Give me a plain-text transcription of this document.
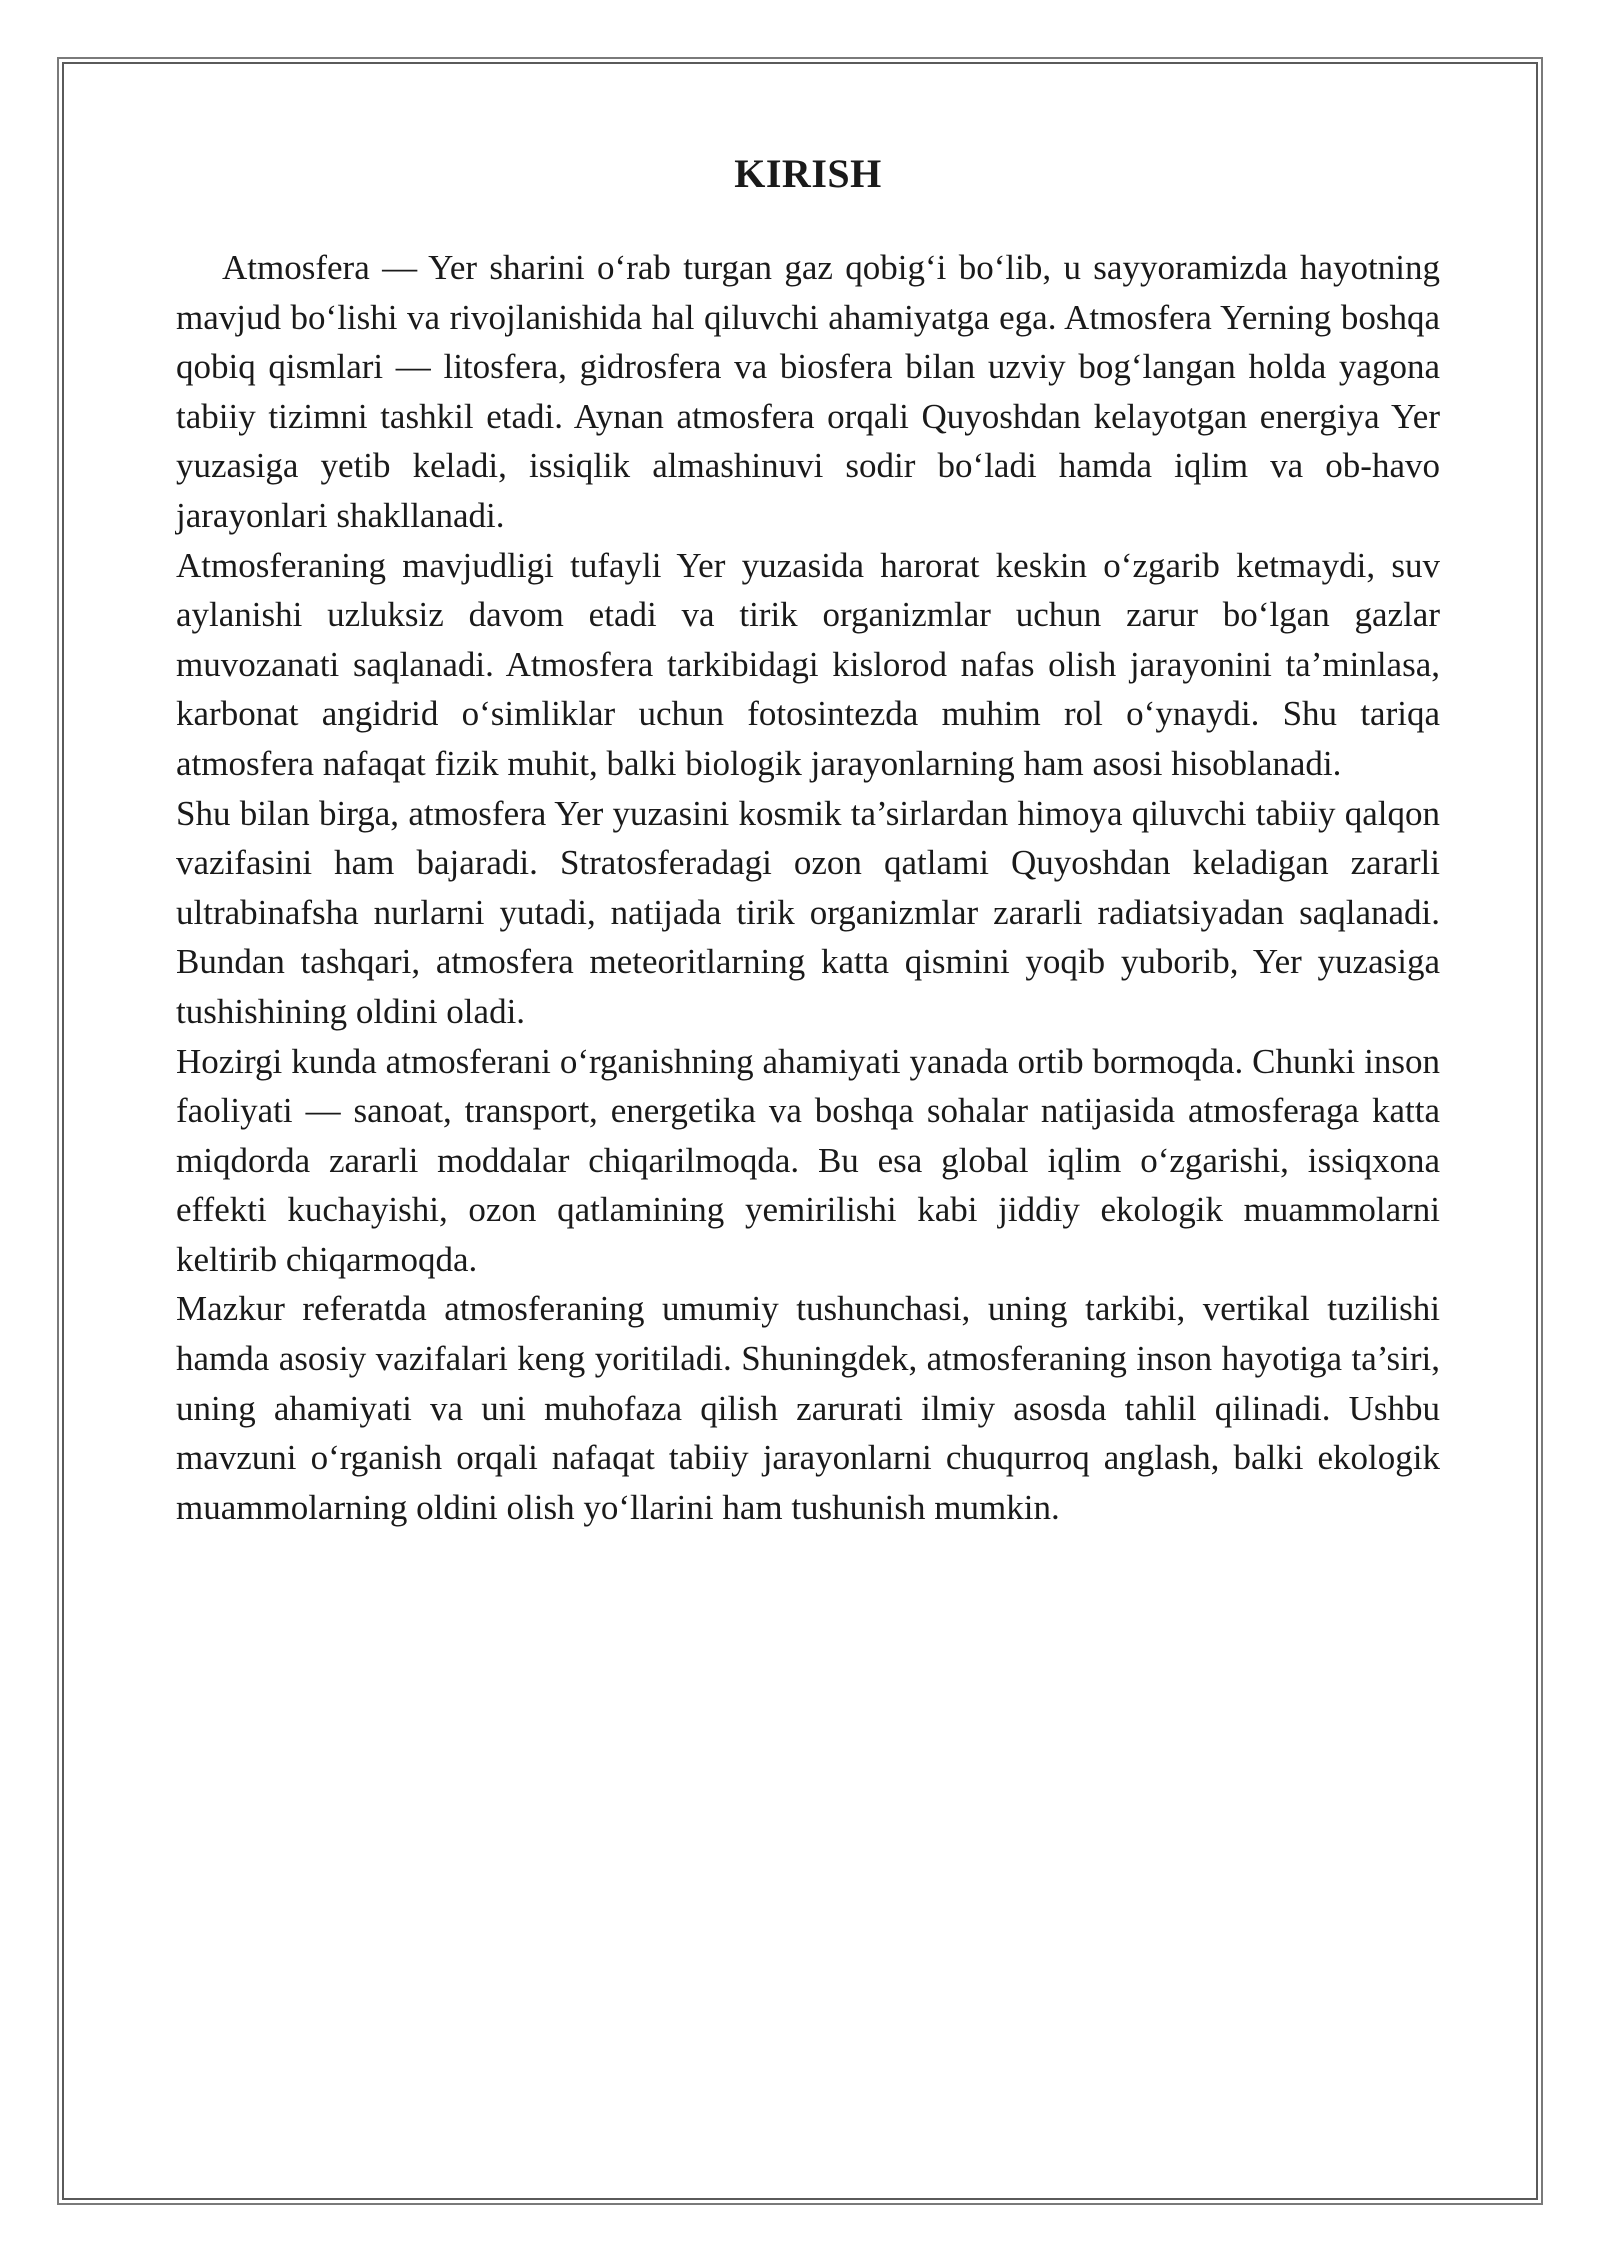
KIRISH

Atmosfera — Yer sharini o‘rab turgan gaz qobig‘i bo‘lib, u sayyoramizda hayotning mavjud bo‘lishi va rivojlanishida hal qiluvchi ahamiyatga ega. Atmosfera Yerning boshqa qobiq qismlari — litosfera, gidrosfera va biosfera bilan uzviy bog‘langan holda yagona tabiiy tizimni tashkil etadi. Aynan atmosfera orqali Quyoshdan kelayotgan energiya Yer yuzasiga yetib keladi, issiqlik almashinuvi sodir bo‘ladi hamda iqlim va ob-havo jarayonlari shakllanadi.

Atmosferaning mavjudligi tufayli Yer yuzasida harorat keskin o‘zgarib ketmaydi, suv aylanishi uzluksiz davom etadi va tirik organizmlar uchun zarur bo‘lgan gazlar muvozanati saqlanadi. Atmosfera tarkibidagi kislorod nafas olish jarayonini ta’minlasa, karbonat angidrid o‘simliklar uchun fotosintezda muhim rol o‘ynaydi. Shu tariqa atmosfera nafaqat fizik muhit, balki biologik jarayonlarning ham asosi hisoblanadi.

Shu bilan birga, atmosfera Yer yuzasini kosmik ta’sirlardan himoya qiluvchi tabiiy qalqon vazifasini ham bajaradi. Stratosferadagi ozon qatlami Quyoshdan keladigan zararli ultrabinafsha nurlarni yutadi, natijada tirik organizmlar zararli radiatsiyadan saqlanadi. Bundan tashqari, atmosfera meteoritlarning katta qismini yoqib yuborib, Yer yuzasiga tushishining oldini oladi.

Hozirgi kunda atmosferani o‘rganishning ahamiyati yanada ortib bormoqda. Chunki inson faoliyati — sanoat, transport, energetika va boshqa sohalar natijasida atmosferaga katta miqdorda zararli moddalar chiqarilmoqda. Bu esa global iqlim o‘zgarishi, issiqxona effekti kuchayishi, ozon qatlamining yemirilishi kabi jiddiy ekologik muammolarni keltirib chiqarmoqda.

Mazkur referatda atmosferaning umumiy tushunchasi, uning tarkibi, vertikal tuzilishi hamda asosiy vazifalari keng yoritiladi. Shuningdek, atmosferaning inson hayotiga ta’siri, uning ahamiyati va uni muhofaza qilish zarurati ilmiy asosda tahlil qilinadi. Ushbu mavzuni o‘rganish orqali nafaqat tabiiy jarayonlarni chuqurroq anglash, balki ekologik muammolarning oldini olish yo‘llarini ham tushunish mumkin.
